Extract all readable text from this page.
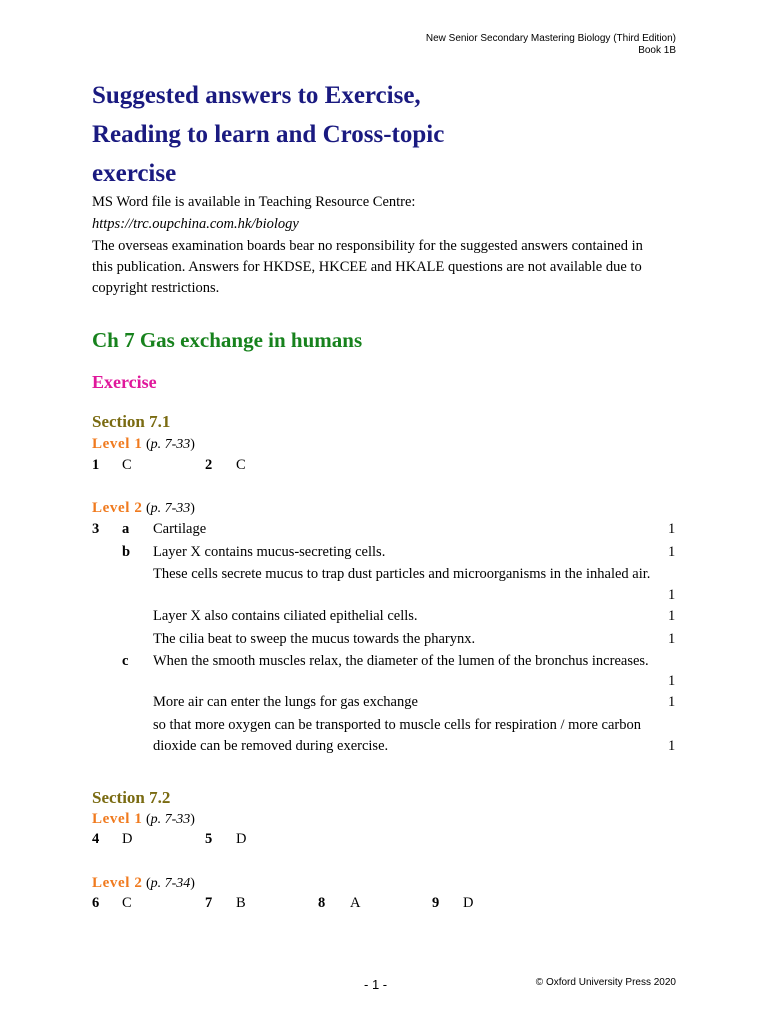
New Senior Secondary Mastering Biology (Third Edition)
Book 1B
Suggested answers to Exercise,
Reading to learn and Cross-topic
exercise
MS Word file is available in Teaching Resource Centre:
https://trc.oupchina.com.hk/biology
The overseas examination boards bear no responsibility for the suggested answers contained in
this publication. Answers for HKDSE, HKCEE and HKALE questions are not available due to
copyright restrictions.
Ch 7 Gas exchange in humans
Exercise
Section 7.1
Level 1 (p. 7-33)
1 C	2 C
Level 2 (p. 7-33)
3 a Cartilage	1
b Layer X contains mucus-secreting cells.	1
These cells secrete mucus to trap dust particles and microorganisms in the inhaled air.
1
Layer X also contains ciliated epithelial cells.	1
The cilia beat to sweep the mucus towards the pharynx.	1
c When the smooth muscles relax, the diameter of the lumen of the bronchus increases.
1
More air can enter the lungs for gas exchange	1
so that more oxygen can be transported to muscle cells for respiration / more carbon
dioxide can be removed during exercise.	1
Section 7.2
Level 1 (p. 7-33)
4 D	5 D
Level 2 (p. 7-34)
6 C	7 B	8 A	9 D
- 1 -	© Oxford University Press 2020
